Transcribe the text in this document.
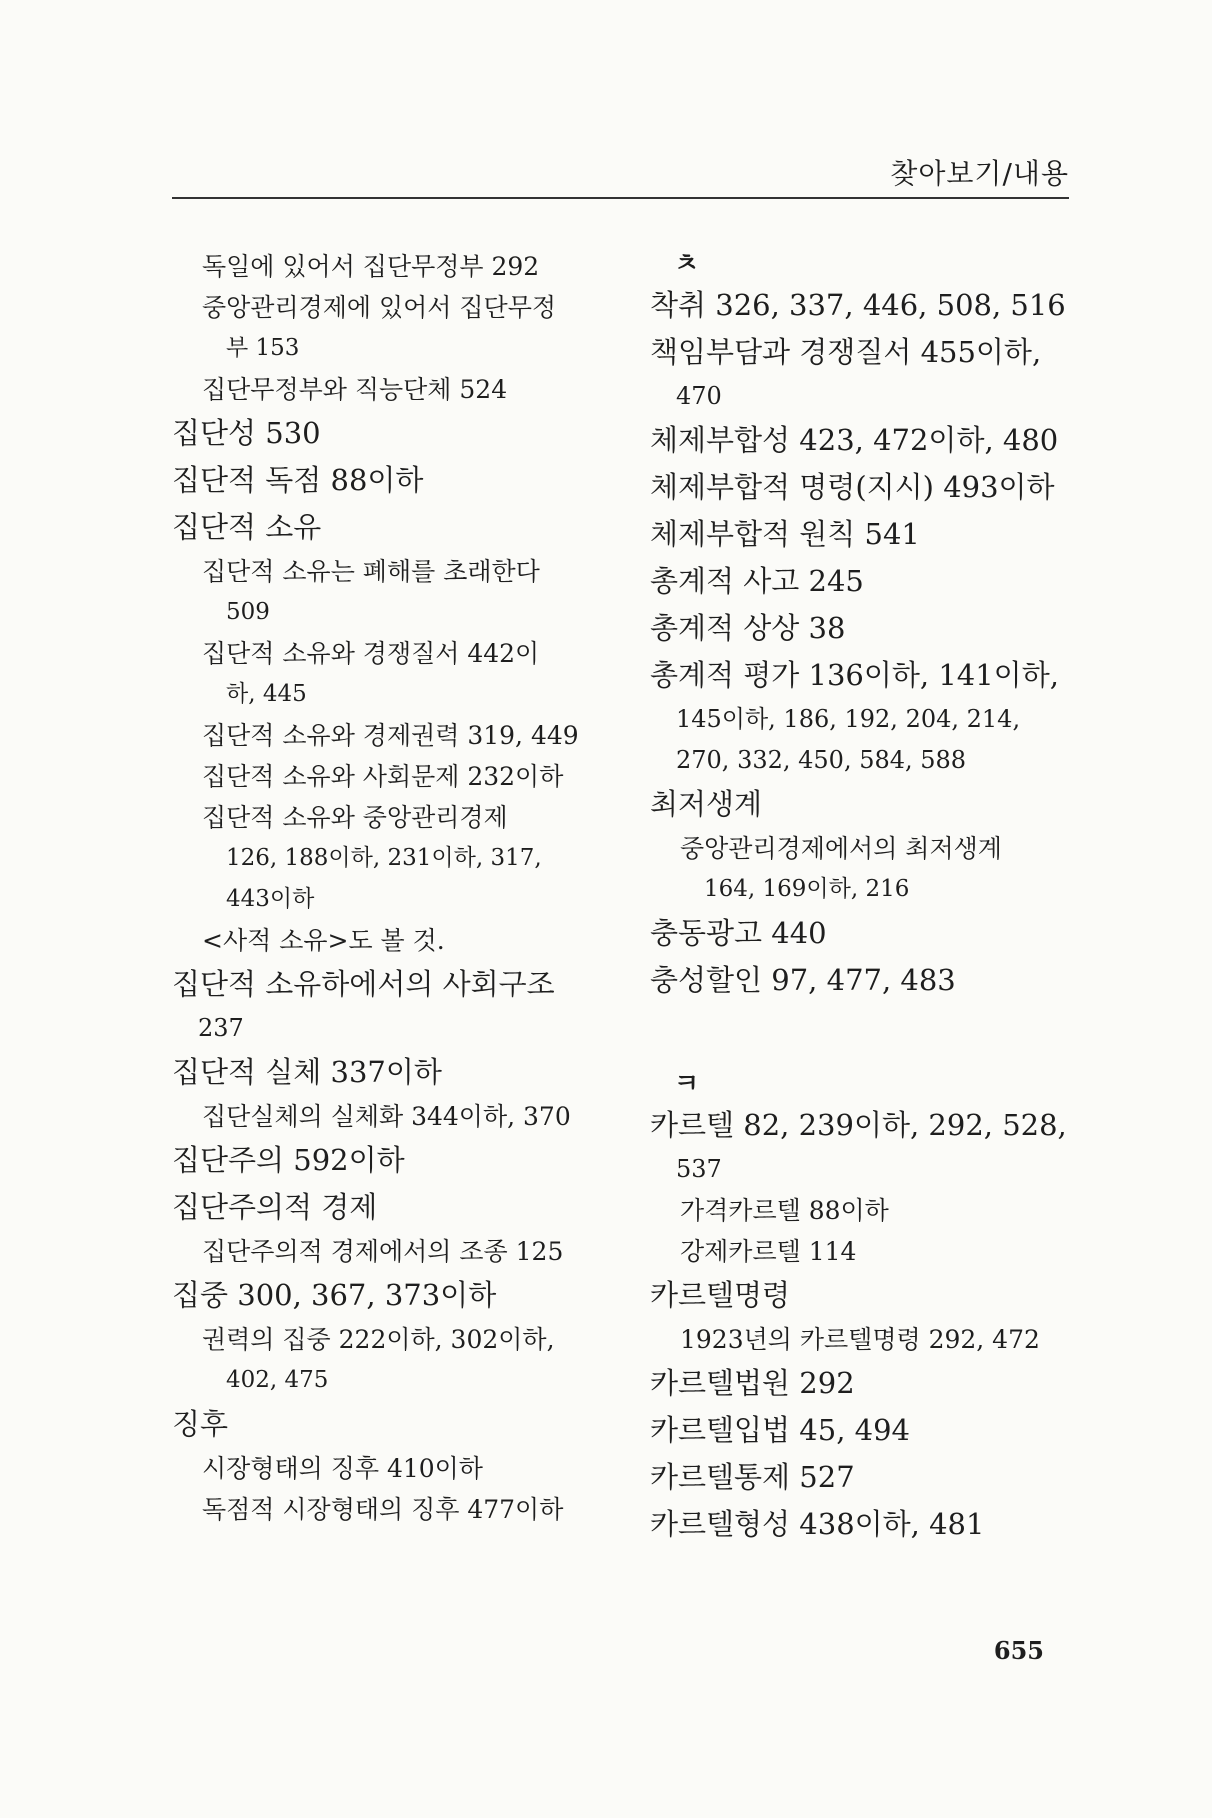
찾아보기/내용
독일에 있어서 집단무정부 292
중앙관리경제에 있어서 집단무정
부 153
집단무정부와 직능단체 524
집단성 530
집단적 독점 88이하
집단적 소유
집단적 소유는 폐해를 초래한다
509
집단적 소유와 경쟁질서 442이
하, 445
집단적 소유와 경제권력 319, 449
집단적 소유와 사회문제 232이하
집단적 소유와 중앙관리경제
126, 188이하, 231이하, 317,
443이하
<사적 소유>도 볼 것.
집단적 소유하에서의 사회구조
237
집단적 실체 337이하
집단실체의 실체화 344이하, 370
집단주의 592이하
집단주의적 경제
집단주의적 경제에서의 조종 125
집중 300, 367, 373이하
권력의 집중 222이하, 302이하,
402, 475
징후
시장형태의 징후 410이하
독점적 시장형태의 징후 477이하
ㅊ
착취 326, 337, 446, 508, 516
책임부담과 경쟁질서 455이하,
470
체제부합성 423, 472이하, 480
체제부합적 명령(지시) 493이하
체제부합적 원칙 541
총계적 사고 245
총계적 상상 38
총계적 평가 136이하, 141이하,
145이하, 186, 192, 204, 214,
270, 332, 450, 584, 588
최저생계
중앙관리경제에서의 최저생계
164, 169이하, 216
충동광고 440
충성할인 97, 477, 483
ㅋ
카르텔 82, 239이하, 292, 528,
537
가격카르텔 88이하
강제카르텔 114
카르텔명령
1923년의 카르텔명령 292, 472
카르텔법원 292
카르텔입법 45, 494
카르텔통제 527
카르텔형성 438이하, 481
655
